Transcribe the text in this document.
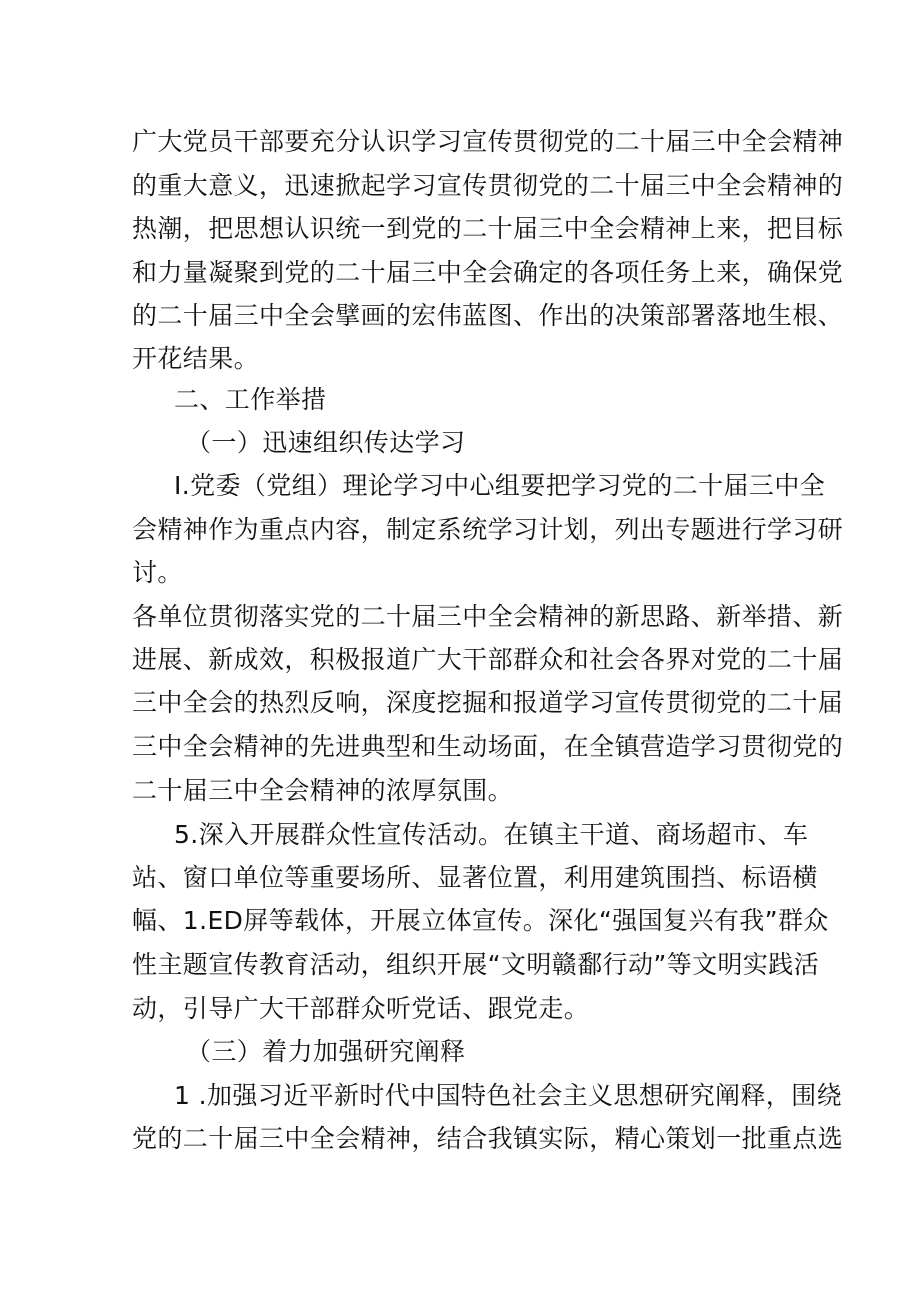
广大党员干部要充分认识学习宣传贯彻党的二十届三中全会精神
的重大意义，迅速掀起学习宣传贯彻党的二十届三中全会精神的
热潮，把思想认识统一到党的二十届三中全会精神上来，把目标
和力量凝聚到党的二十届三中全会确定的各项任务上来，确保党
的二十届三中全会擘画的宏伟蓝图、作出的决策部署落地生根、
开花结果。
二、工作举措
（一）迅速组织传达学习
I.党委（党组）理论学习中心组要把学习党的二十届三中全
会精神作为重点内容，制定系统学习计划，列出专题进行学习研
讨。
各单位贯彻落实党的二十届三中全会精神的新思路、新举措、新
进展、新成效，积极报道广大干部群众和社会各界对党的二十届
三中全会的热烈反响，深度挖掘和报道学习宣传贯彻党的二十届
三中全会精神的先进典型和生动场面，在全镇营造学习贯彻党的
二十届三中全会精神的浓厚氛围。
5.深入开展群众性宣传活动。在镇主干道、商场超市、车
站、窗口单位等重要场所、显著位置，利用建筑围挡、标语横
幅、1.ED屏等载体，开展立体宣传。深化“强国复兴有我”群众
性主题宣传教育活动，组织开展“文明赣鄱行动”等文明实践活
动，引导广大干部群众听党话、跟党走。
（三）着力加强研究阐释
1 .加强习近平新时代中国特色社会主义思想研究阐释，围绕
党的二十届三中全会精神，结合我镇实际，精心策划一批重点选
